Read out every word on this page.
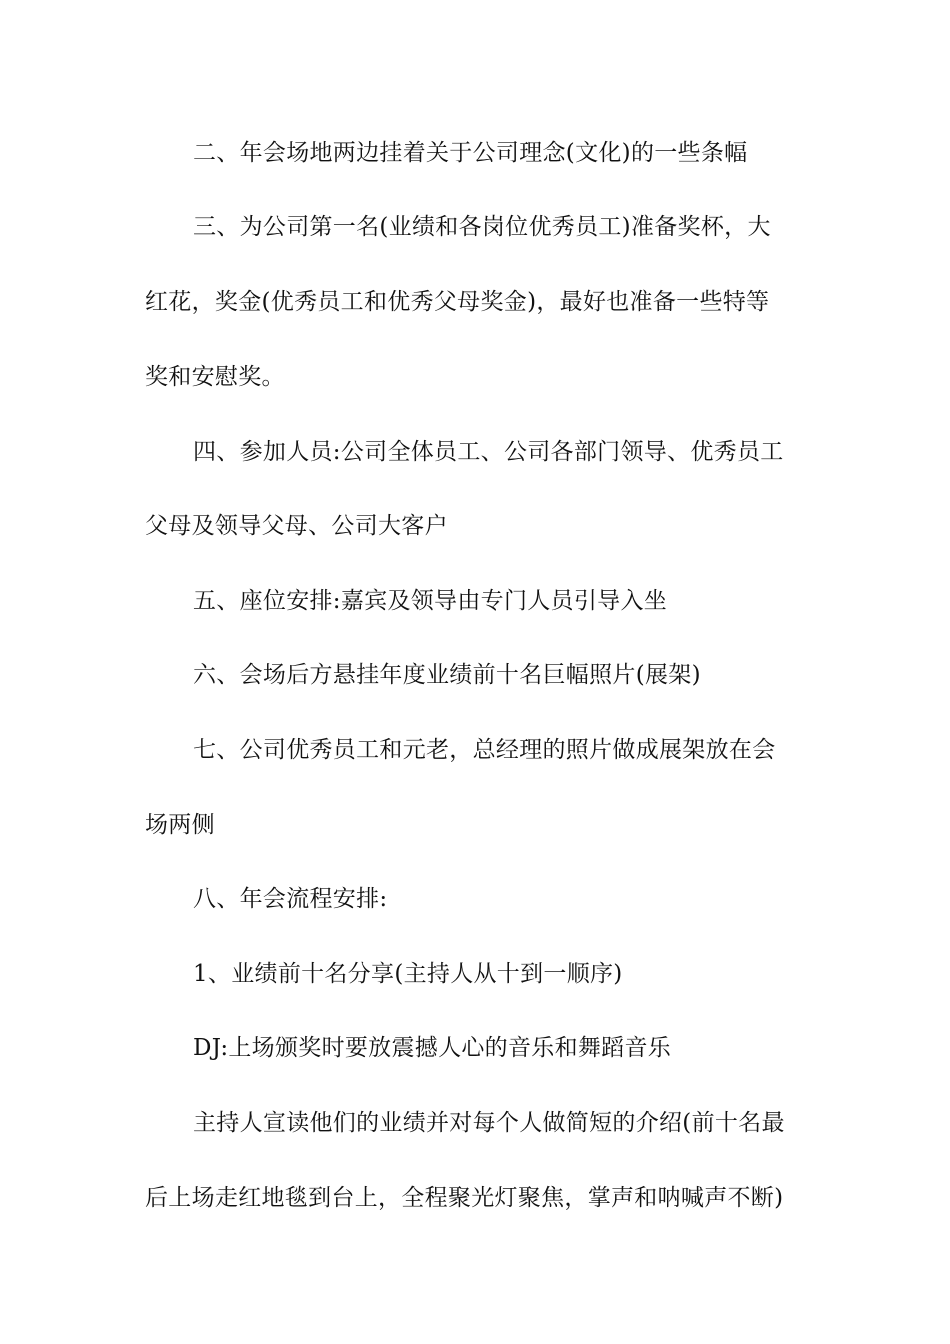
二、年会场地两边挂着关于公司理念(文化)的一些条幅
三、为公司第一名(业绩和各岗位优秀员工)准备奖杯，大
红花，奖金(优秀员工和优秀父母奖金)，最好也准备一些特等
奖和安慰奖。
四、参加人员:公司全体员工、公司各部门领导、优秀员工
父母及领导父母、公司大客户
五、座位安排:嘉宾及领导由专门人员引导入坐
六、会场后方悬挂年度业绩前十名巨幅照片(展架)
七、公司优秀员工和元老，总经理的照片做成展架放在会
场两侧
八、年会流程安排:
1、业绩前十名分享(主持人从十到一顺序)
DJ:上场颁奖时要放震撼人心的音乐和舞蹈音乐
主持人宣读他们的业绩并对每个人做简短的介绍(前十名最
后上场走红地毯到台上，全程聚光灯聚焦，掌声和呐喊声不断)
